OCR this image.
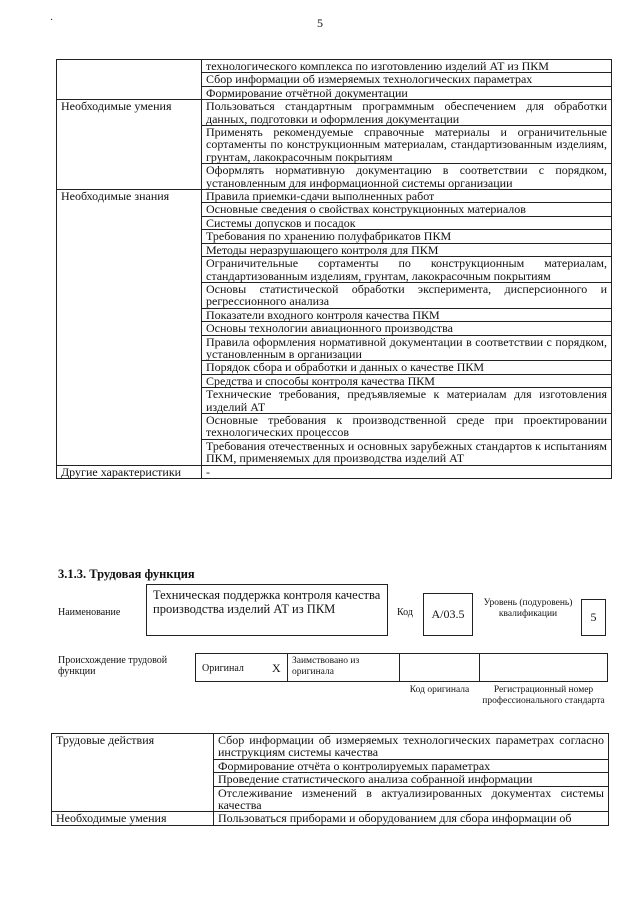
·	5
	технологического комплекса по изготовлению изделий АТ из ПКМ
	Сбор информации об измеряемых технологических параметрах
	Формирование отчётной документации
Необходимые умения	Пользоваться стандартным программным обеспечением для обработки данных, подготовки и оформления документации
	Применять рекомендуемые справочные материалы и ограничительные сортаменты по конструкционным материалам, стандартизованным изделиям, грунтам, лакокрасочным покрытиям
	Оформлять нормативную документацию в соответствии с порядком, установленным для информационной системы организации
Необходимые знания	Правила приемки-сдачи выполненных работ
	Основные сведения о свойствах конструкционных материалов
	Системы допусков и посадок
	Требования по хранению полуфабрикатов ПКМ
	Методы неразрушающего контроля для ПКМ
	Ограничительные сортаменты по конструкционным материалам, стандартизованным изделиям, грунтам, лакокрасочным покрытиям
	Основы статистической обработки эксперимента, дисперсионного и регрессионного анализа
	Показатели входного контроля качества ПКМ
	Основы технологии авиационного производства
	Правила оформления нормативной документации в соответствии с порядком, установленным в организации
	Порядок сбора и обработки и данных о качестве ПКМ
	Средства и способы контроля качества ПКМ
	Технические требования, предъявляемые к материалам для изготовления изделий АТ
	Основные требования к производственной среде при проектировании технологических процессов
	Требования отечественных и основных зарубежных стандартов к испытаниям ПКМ, применяемых для производства изделий АТ
Другие характеристики	-
3.1.3. Трудовая функция
Наименование
Техническая поддержка контроля качества производства изделий АТ из ПКМ	Код	А/03.5
Уровень (подуровень) квалификации	5
Происхождение трудовой функции	Оригинал X Заимствовано из оригинала
Код оригинала	Регистрационный номер профессионального стандарта
Трудовые действия	Сбор информации об измеряемых технологических параметрах согласно инструкциям системы качества
	Формирование отчёта о контролируемых параметрах
	Проведение статистического анализа собранной информации
	Отслеживание изменений в актуализированных документах системы качества
Необходимые умения	Пользоваться приборами и оборудованием для сбора информации об
